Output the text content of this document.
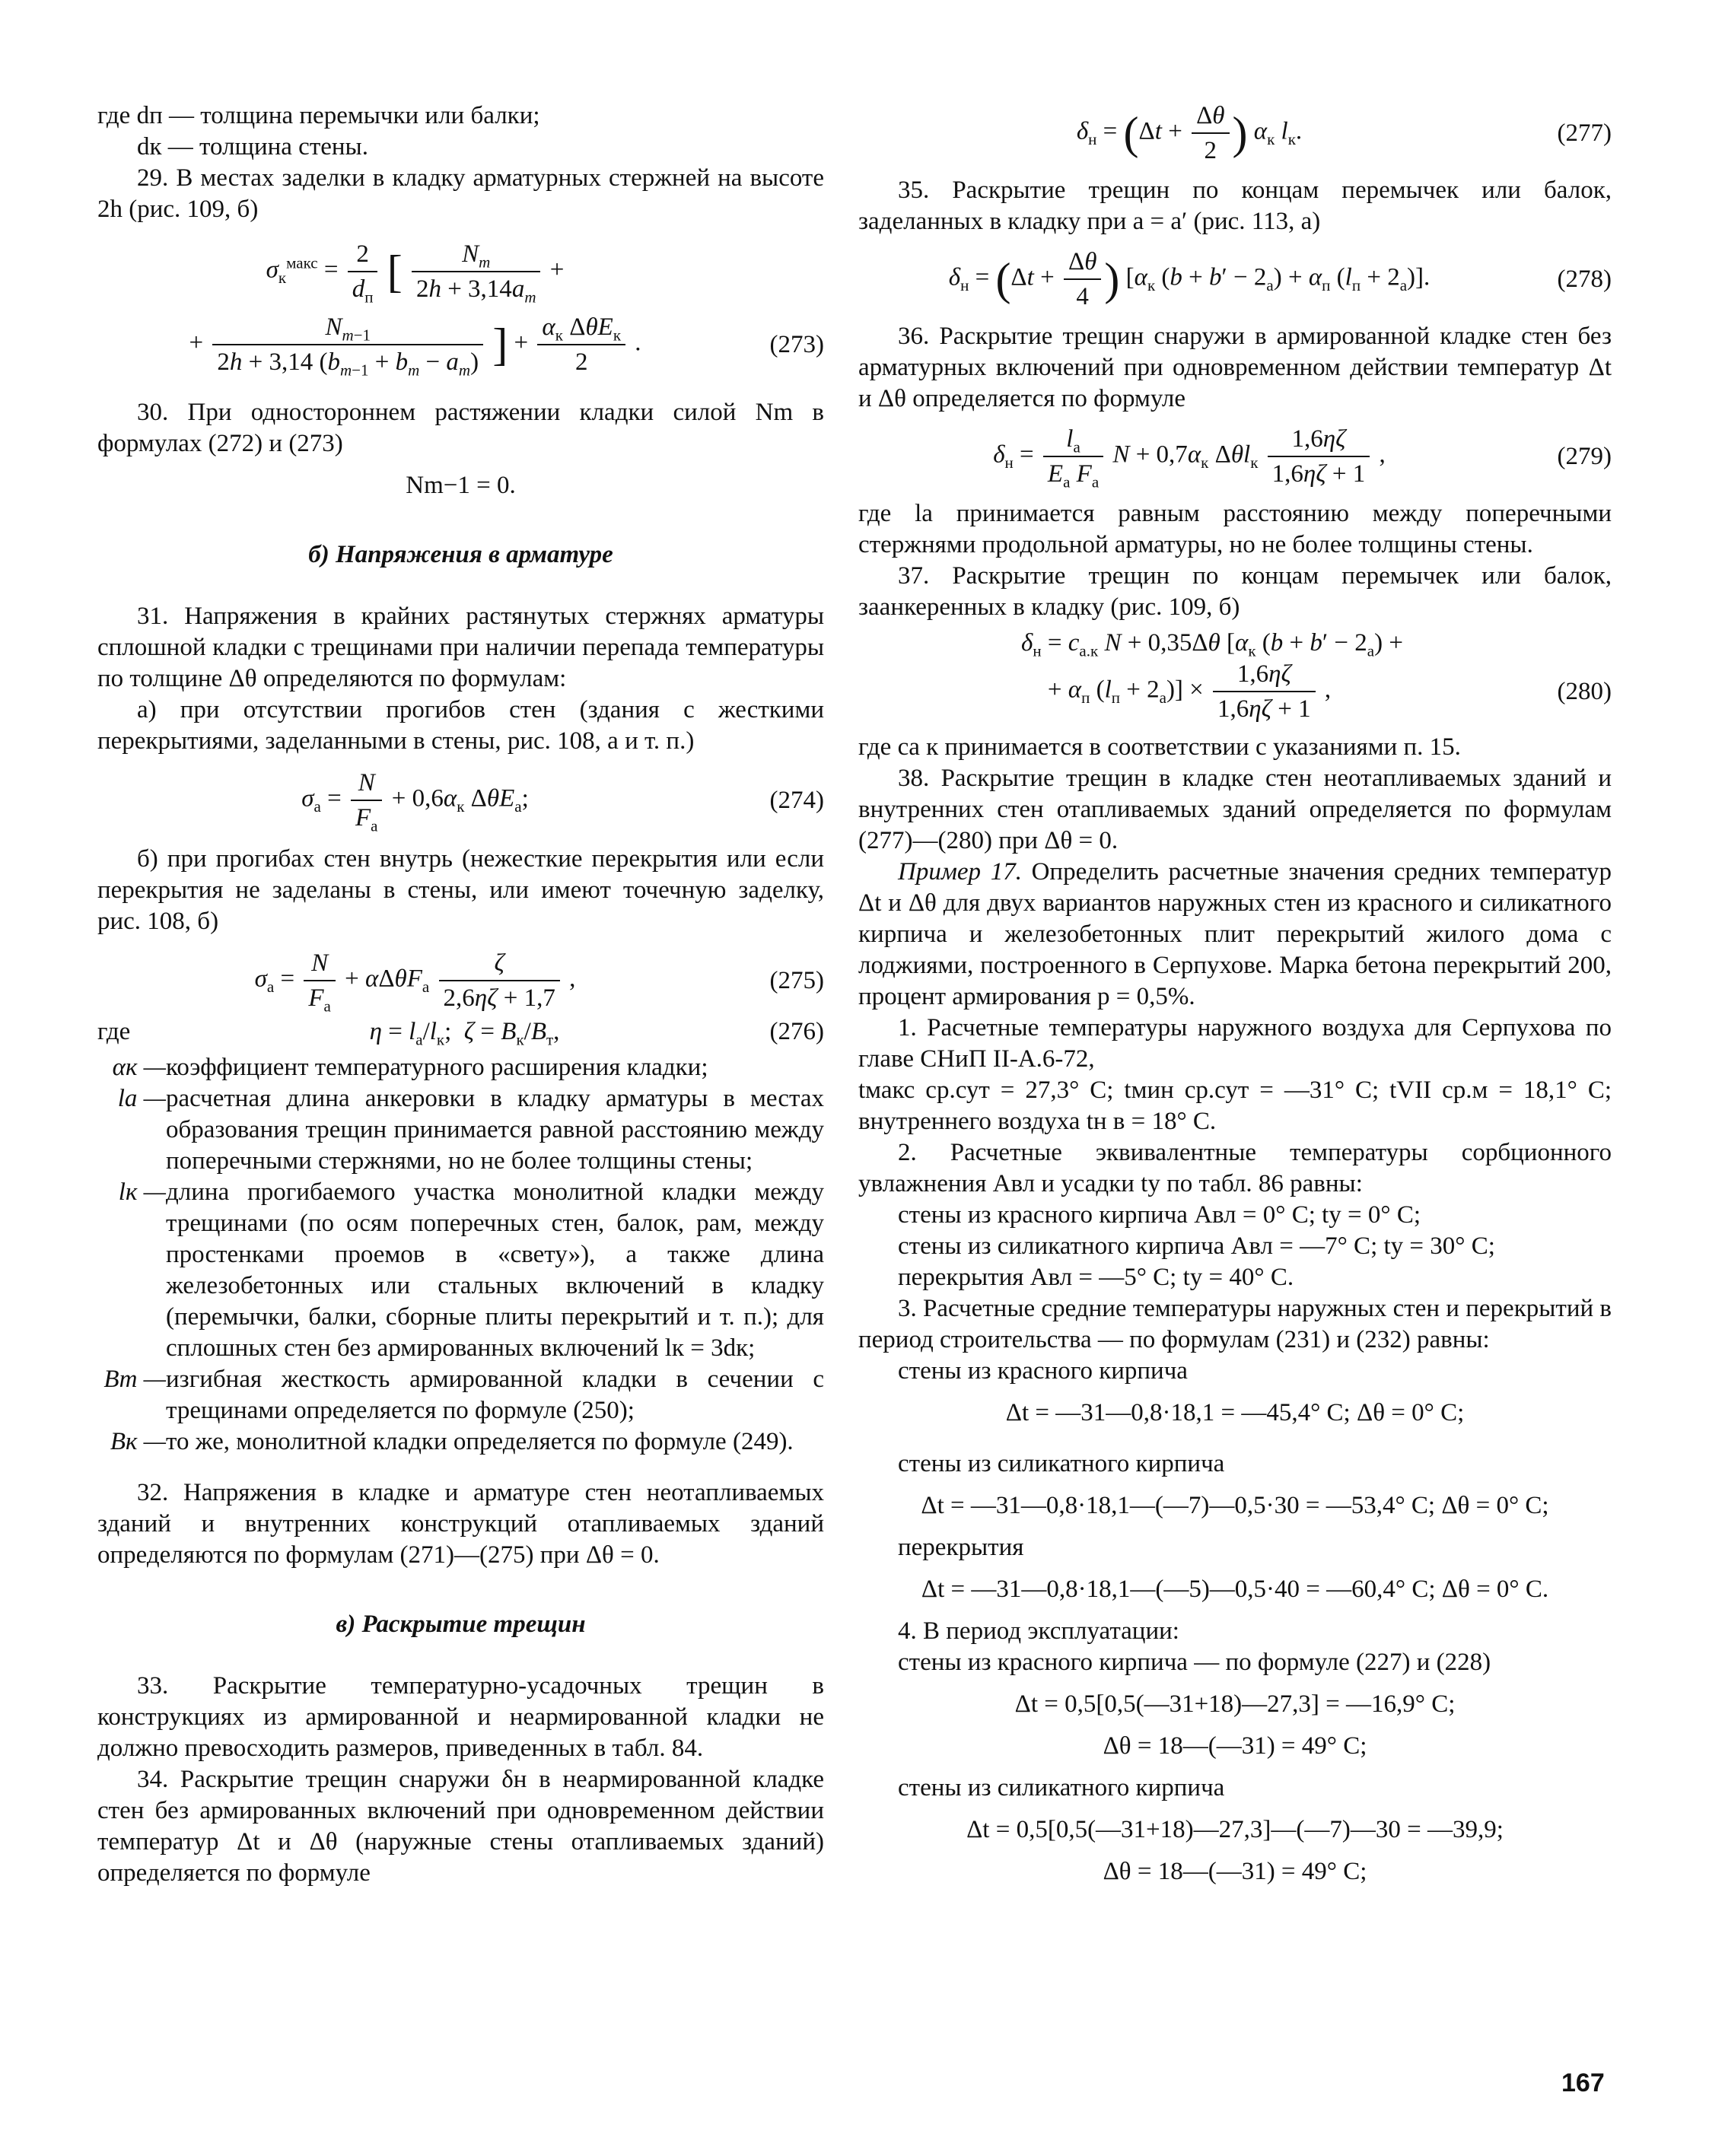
где dп — толщина перемычки или балки;

dк — толщина стены.

29. В местах заделки в кладку арматурных стержней на высоте 2h (рис. 109, б)

$\sigma_к^{макс} = \frac{2}{d_п}$ [ $\frac{N_m}{2h + 3,14a_m}$ +
+ $\frac{N_{m-1}}{2h + 3,14 (b_{m-1} + b_m - a_m)}$ ] + $\frac{\alpha_к \Delta\theta E_к}{2}$ .	(273)

30. При одностороннем растяжении кладки силой Nm в формулах (272) и (273)

Nm−1 = 0.

б) Напряжения в арматуре

31. Напряжения в крайних растянутых стержнях арматуры сплошной кладки с трещинами при наличии перепада температуры по толщине Δθ определяются по формулам:

а) при отсутствии прогибов стен (здания с жесткими перекрытиями, заделанными в стены, рис. 108, а и т. п.)

$\sigma_а = \frac{N}{F_а} + 0,6\alpha_к$ ΔθE$_а$;	(274)

б) при прогибах стен внутрь (нежесткие перекрытия или если перекрытия не заделаны в стены, или имеют точечную заделку, рис. 108, б)

$\sigma_а = \frac{N}{F_а} + \alpha\Delta\theta F_а \frac{\zeta}{2,6\eta\zeta + 1,7}$ ,	(275)
где	$\eta = l_а/l_к$;  $\zeta = B_к/B_т$,	(276)
αк — коэффициент температурного расширения кладки;
lа — расчетная длина анкеровки в кладку арматуры в местах образования трещин принимается равной расстоянию между поперечными стержнями, но не более толщины стены;
lк — длина прогибаемого участка монолитной кладки между трещинами (по осям поперечных стен, балок, рам, между простенками проемов в «свету»), а также длина железобетонных или стальных включений в кладку (перемычки, балки, сборные плиты перекрытий и т. п.); для сплошных стен без армированных включений lк = 3dк;
Bт — изгибная жесткость армированной кладки в сечении с трещинами определяется по формуле (250);
Bк — то же, монолитной кладки определяется по формуле (249).

32. Напряжения в кладке и арматуре стен неотапливаемых зданий и внутренних конструкций отапливаемых зданий определяются по формулам (271)—(275) при Δθ = 0.

в) Раскрытие трещин

33. Раскрытие температурно-усадочных трещин в конструкциях из армированной и неармированной кладки не должно превосходить размеров, приведенных в табл. 84.

34. Раскрытие трещин снаружи δн в неармированной кладке стен без армированных включений при одновременном действии температур Δt и Δθ (наружные стены отапливаемых зданий) определяется по формуле

$\delta_н = (\Delta t + \frac{\Delta\theta}{2}$ ) $\alpha_к$ $l_к$.	(277)

35. Раскрытие трещин по концам перемычек или балок, заделанных в кладку при a = a′ (рис. 113, а)

$\delta_н = (\Delta t + \frac{\Delta\theta}{4}$ ) [$\alpha_к$ $(b + b' - 2_а) + \alpha_п$ $(l_п + 2_а)$].	(278)

36. Раскрытие трещин снаружи в армированной кладке стен без арматурных включений при одновременном действии температур Δt и Δθ определяется по формуле

$\delta_н = \frac{l_а}{E_а F_а}$ $N + 0,7\alpha_к$ $\Delta\theta l_к \frac{1,6\eta\zeta}{1,6\eta\zeta + 1}$ ,	(279)

где lа принимается равным расстоянию между поперечными стержнями продольной арматуры, но не более толщины стены.

37. Раскрытие трещин по концам перемычек или балок, заанкеренных в кладку (рис. 109, б)

$\delta_н = c_{а.к}$ N + 0,35Δθ [$\alpha_к$ $(b + b' - 2_а)$ +
+ $\alpha_п$ $(l_п + 2_а)] \times \frac{1,6\eta\zeta}{1,6\eta\zeta + 1}$ ,	(280)

где cа к принимается в соответствии с указаниями п. 15.

38. Раскрытие трещин в кладке стен неотапливаемых зданий и внутренних стен отапливаемых зданий определяется по формулам (277)—(280) при Δθ = 0.

Пример 17. Определить расчетные значения средних температур Δt и Δθ для двух вариантов наружных стен из красного и силикатного кирпича и железобетонных плит перекрытий жилого дома с лоджиями, построенного в Серпухове. Марка бетона перекрытий 200, процент армирования p = 0,5%.

1. Расчетные температуры наружного воздуха для Серпухова по главе СНиП II-А.6-72,

tмакс ср.сут = 27,3° С; tмин ср.сут = —31° С; tVII ср.м = 18,1° С; внутреннего воздуха tн в = 18° С.

2. Расчетные эквивалентные температуры сорбционного увлажнения Aвл и усадки tу по табл. 86 равны:

стены из красного кирпича Aвл = 0° С; tу = 0° С;

стены из силикатного кирпича Aвл = —7° С; tу = 30° С;

перекрытия Aвл = —5° С; tу = 40° С.

3. Расчетные средние температуры наружных стен и перекрытий в период строительства — по формулам (231) и (232) равны:

стены из красного кирпича

Δt = —31—0,8·18,1 = —45,4° С; Δθ = 0° С;

стены из силикатного кирпича

Δt = —31—0,8·18,1—(—7)—0,5·30 = —53,4° С; Δθ = 0° С;

перекрытия

Δt = —31—0,8·18,1—(—5)—0,5·40 = —60,4° С; Δθ = 0° С.

4. В период эксплуатации:

стены из красного кирпича — по формуле (227) и (228)

Δt = 0,5[0,5(—31+18)—27,3] = —16,9° С;

Δθ = 18—(—31) = 49° С;

стены из силикатного кирпича

Δt = 0,5[0,5(—31+18)—27,3]—(—7)—30 = —39,9;

Δθ = 18—(—31) = 49° С;

167
